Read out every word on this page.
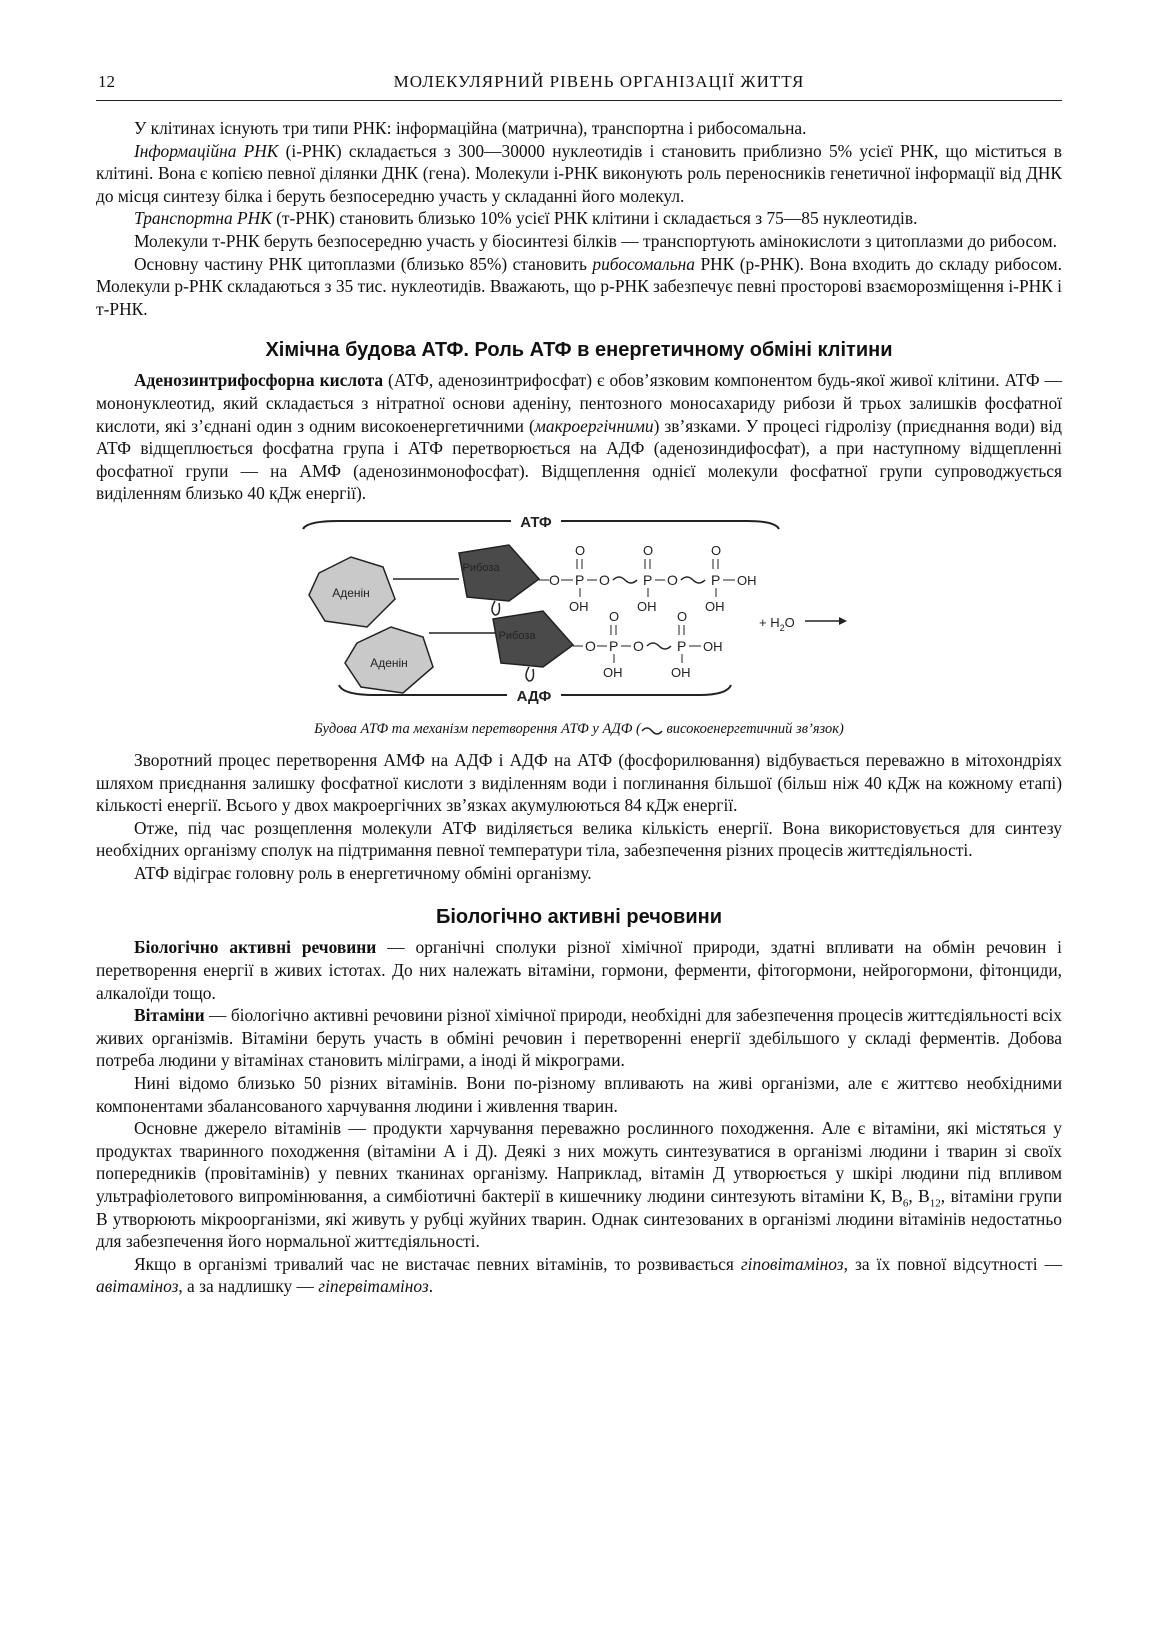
12	МОЛЕКУЛЯРНИЙ РІВЕНЬ ОРГАНІЗАЦІЇ ЖИТТЯ

У клітинах існують три типи РНК: інформаційна (матрична), транспортна і рибосомальна.

Інформаційна РНК (і-РНК) складається з 300—30000 нуклеотидів і становить приблизно 5% усієї РНК, що міститься в клітині. Вона є копією певної ділянки ДНК (гена). Молекули і-РНК виконують роль переносників генетичної інформації від ДНК до місця синтезу білка і беруть безпосередню участь у складанні його молекул.

Транспортна РНК (т-РНК) становить близько 10% усієї РНК клітини і складається з 75—85 нуклеотидів.

Молекули т-РНК беруть безпосередню участь у біосинтезі білків — транспортують амінокислоти з цитоплазми до рибосом.

Основну частину РНК цитоплазми (близько 85%) становить рибосомальна РНК (р-РНК). Вона входить до складу рибосом. Молекули р-РНК складаються з 35 тис. нуклеотидів. Вважають, що р-РНК забезпечує певні просторові взаєморозміщення і-РНК і т-РНК.

Хімічна будова АТФ. Роль АТФ в енергетичному обміні клітини

Аденозинтрифосфорна кислота (АТФ, аденозинтрифосфат) є обов’язковим компонентом будь-якої живої клітини. АТФ — мононуклеотид, який складається з нітратної основи аденіну, пентозного моносахариду рибози й трьох залишків фосфатної кислоти, які з’єднані один з одним високоенергетичними (макроергічними) зв’язками. У процесі гідролізу (приєднання води) від АТФ відщеплюється фосфатна група і АТФ перетворюється на АДФ (аденозиндифосфат), а при наступному відщепленні фосфатної групи — на АМФ (аденозинмонофосфат). Відщеплення однієї молекули фосфатної групи супроводжується виділенням близько 40 кДж енергії).

АТФ
Аденін
Рибоза
O P
O
OH
O P
O
OH
O P
O
OH
OH
+ $H_2O$
Аденін
Рибоза
O P
O
OH
O P
O
OH
OH
АДФ
Будова АТФ та механізм перетворення АТФ у АДФ ( високоенергетичний зв’язок)

Зворотний процес перетворення АМФ на АДФ і АДФ на АТФ (фосфорилювання) відбувається переважно в мітохондріях шляхом приєднання залишку фосфатної кислоти з виділенням води і поглинання більшої (більш ніж 40 кДж на кожному етапі) кількості енергії. Всього у двох макроергічних зв’язках акумулюються 84 кДж енергії.

Отже, під час розщеплення молекули АТФ виділяється велика кількість енергії. Вона використовується для синтезу необхідних організму сполук на підтримання певної температури тіла, забезпечення різних процесів життєдіяльності.

АТФ відіграє головну роль в енергетичному обміні організму.

Біологічно активні речовини

Біологічно активні речовини — органічні сполуки різної хімічної природи, здатні впливати на обмін речовин і перетворення енергії в живих істотах. До них належать вітаміни, гормони, ферменти, фітогормони, нейрогормони, фітонциди, алкалоїди тощо.

Вітаміни — біологічно активні речовини різної хімічної природи, необхідні для забезпечення процесів життєдіяльності всіх живих організмів. Вітаміни беруть участь в обміні речовин і перетворенні енергії здебільшого у складі ферментів. Добова потреба людини у вітамінах становить міліграми, а іноді й мікрограми.

Нині відомо близько 50 різних вітамінів. Вони по-різному впливають на живі організми, але є життєво необхідними компонентами збалансованого харчування людини і живлення тварин.

Основне джерело вітамінів — продукти харчування переважно рослинного походження. Але є вітаміни, які містяться у продуктах тваринного походження (вітаміни А і Д). Деякі з них можуть синтезуватися в організмі людини і тварин зі своїх попередників (провітамінів) у певних тканинах організму. Наприклад, вітамін Д утворюється у шкірі людини під впливом ультрафіолетового випромінювання, а симбіотичні бактерії в кишечнику людини синтезують вітаміни К, $В_6$, $В_{12}$, вітаміни групи В утворюють мікроорганізми, які живуть у рубці жуйних тварин. Однак синтезованих в організмі людини вітамінів недостатньо для забезпечення його нормальної життєдіяльності.

Якщо в організмі тривалий час не вистачає певних вітамінів, то розвивається гіповітаміноз, за їх повної відсутності — авітаміноз, а за надлишку — гіпервітаміноз.
